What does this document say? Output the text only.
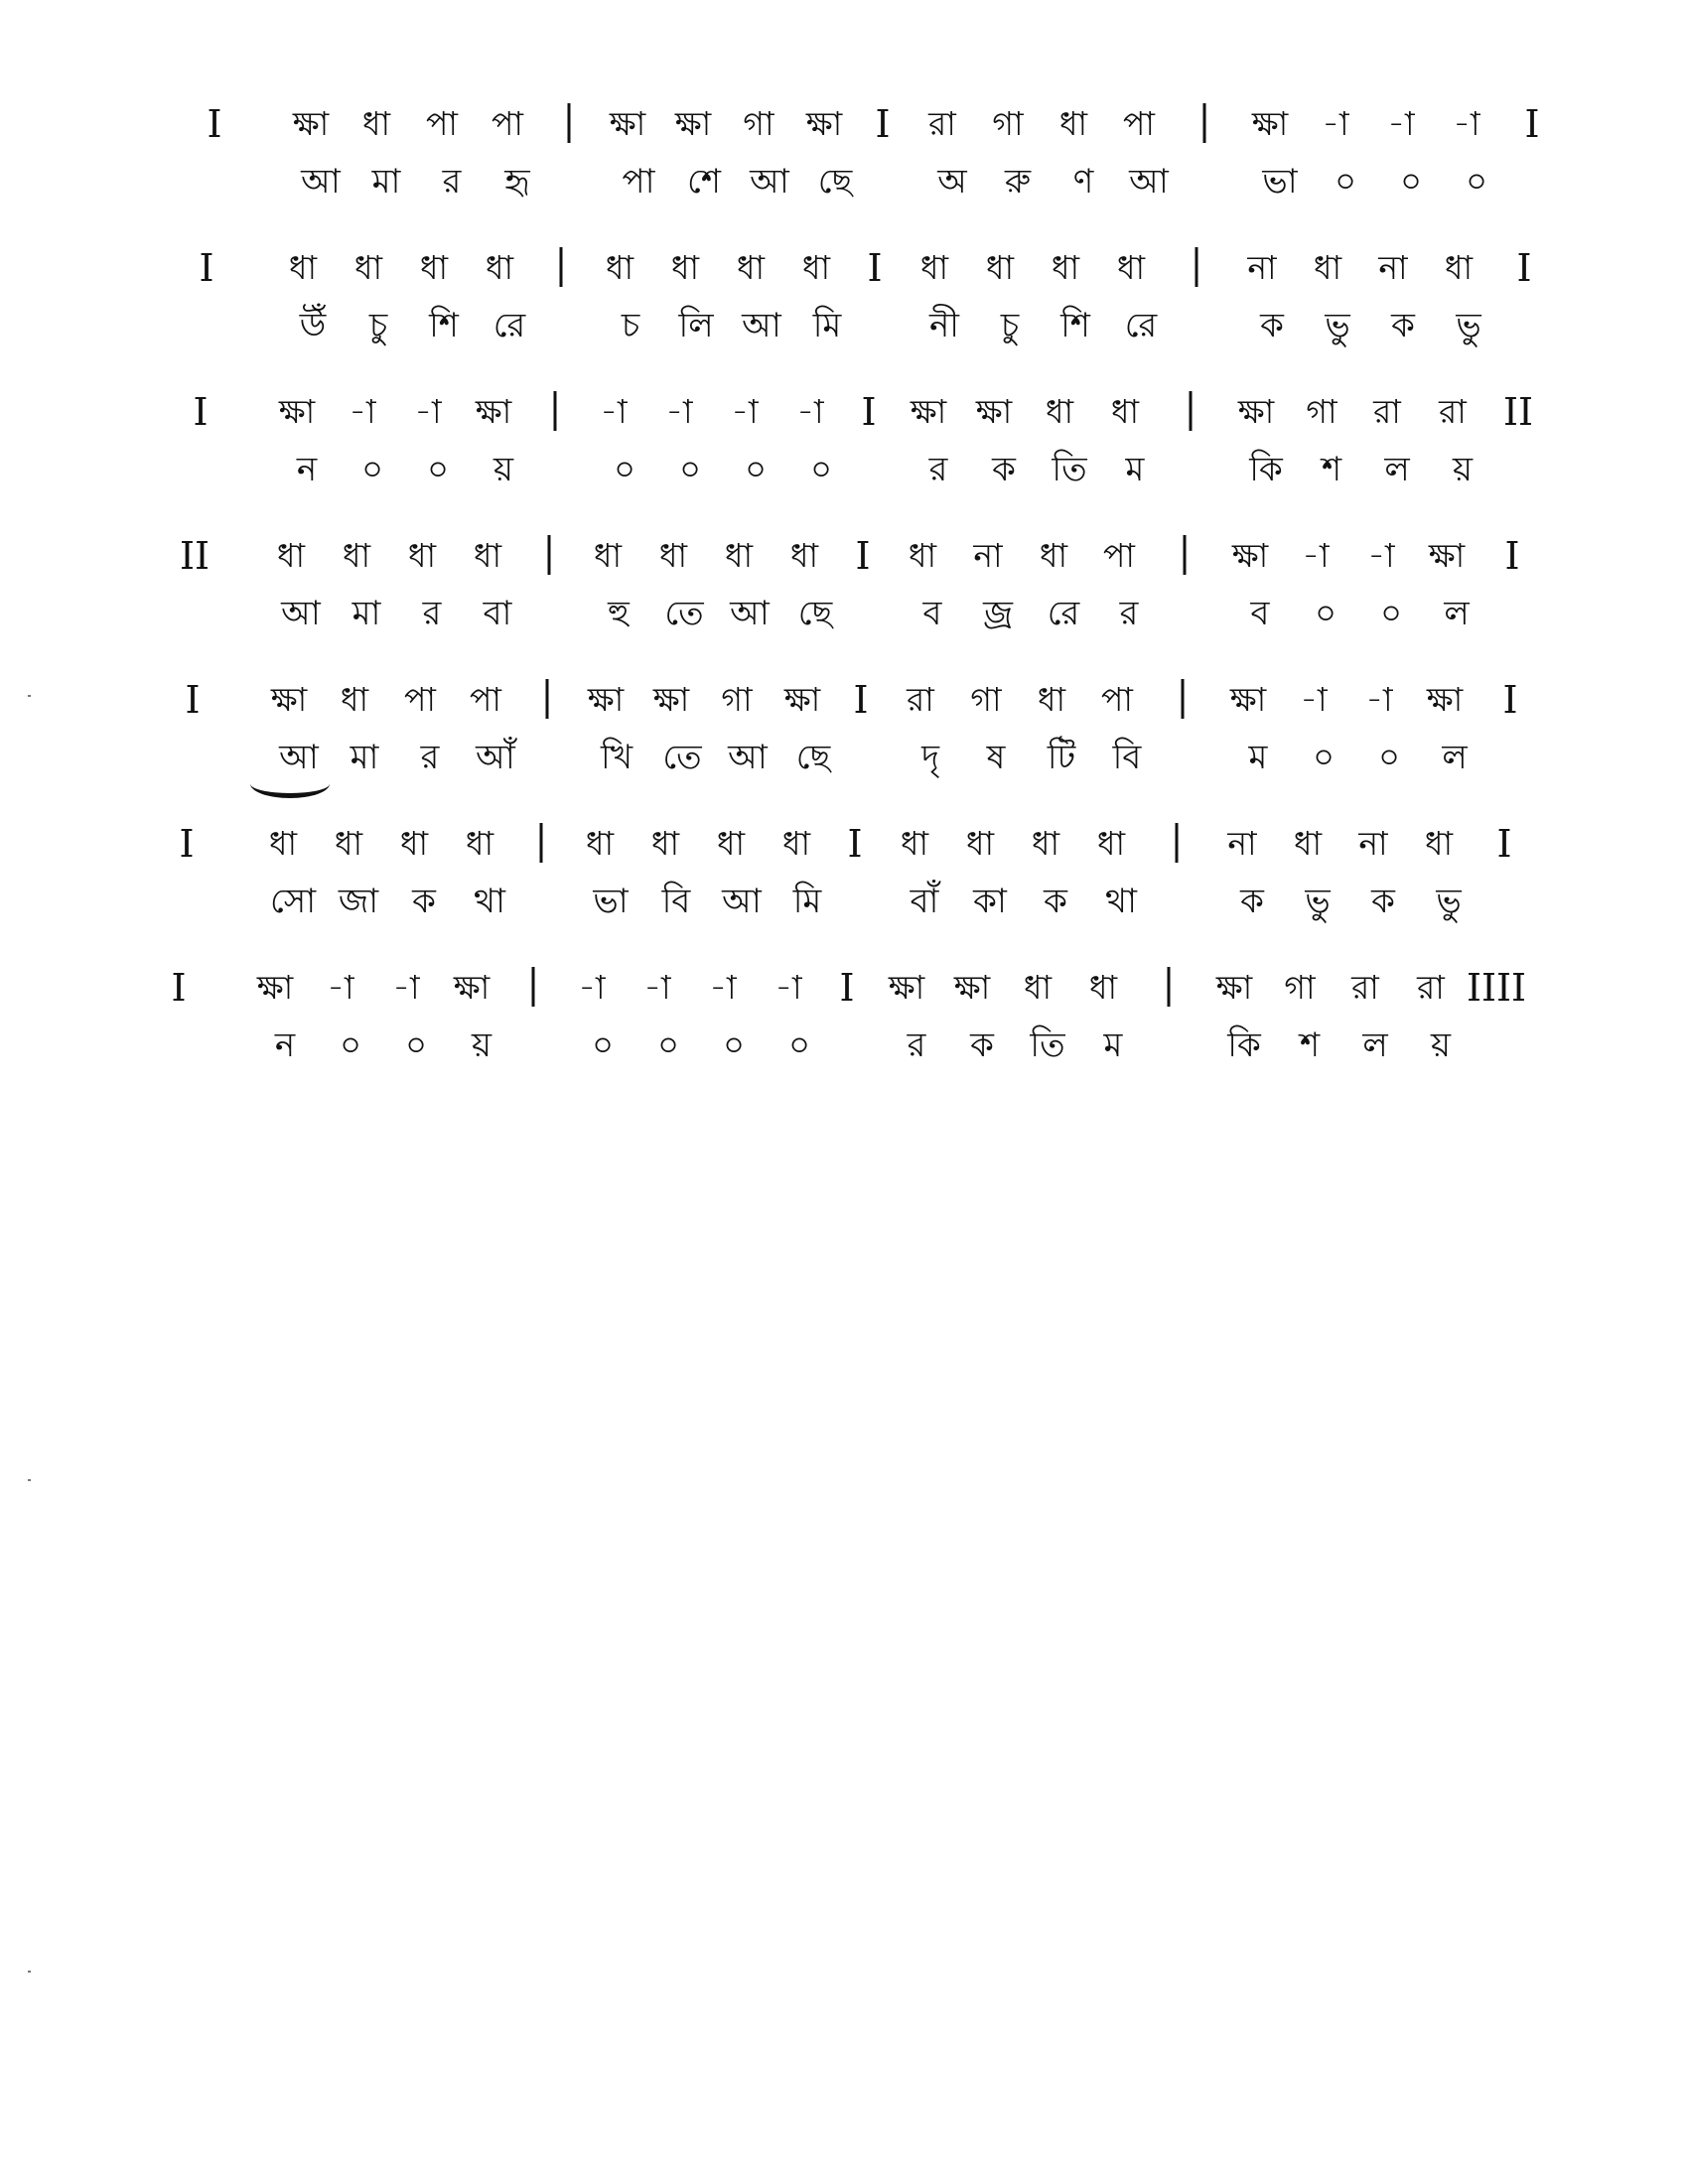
I	I	I
ক্ষা ধা পা পা	ক্ষা ক্ষা গা ক্ষা	রা গা ধা পা	ক্ষা -া -া -া
আ মা র হৃ	পা শে আ ছে	অ রু ণ আ	ভা ০ ০ ০
I	I	I
ধা ধা ধা ধা	ধা ধা ধা ধা	ধা ধা ধা ধা	না ধা না ধা
উঁ চু শি রে	চ লি আ মি	নী চু শি রে	ক ভু ক ভু
I	I	II
ক্ষা -া -া ক্ষা	-া -া -া -া	ক্ষা ক্ষা ধা ধা	ক্ষা গা রা রা
ন ০ ০ য়	০ ০ ০ ০	র ক তি ম	কি শ ল য়
II	I	I
ধা ধা ধা ধা	ধা ধা ধা ধা	ধা না ধা পা	ক্ষা -া -া ক্ষা
আ মা র বা	হু তে আ ছে	ব জ্র রে র	ব ০ ০ ল
I	I	I
ক্ষা ধা পা পা	ক্ষা ক্ষা গা ক্ষা	রা গা ধা পা	ক্ষা -া -া ক্ষা
আ মা র আঁ	খি তে আ ছে	দৃ ষ টি বি	ম ০ ০ ল
I	I	I
ধা ধা ধা ধা	ধা ধা ধা ধা	ধা ধা ধা ধা	না ধা না ধা
সো জা ক থা	ভা বি আ মি	বাঁ কা ক থা	ক ভু ক ভু
I	I	IIII
ক্ষা -া -া ক্ষা	-া -া -া -া	ক্ষা ক্ষা ধা ধা	ক্ষা গা রা রা
ন ০ ০ য়	০ ০ ০ ০	র ক তি ম	কি শ ল য়
